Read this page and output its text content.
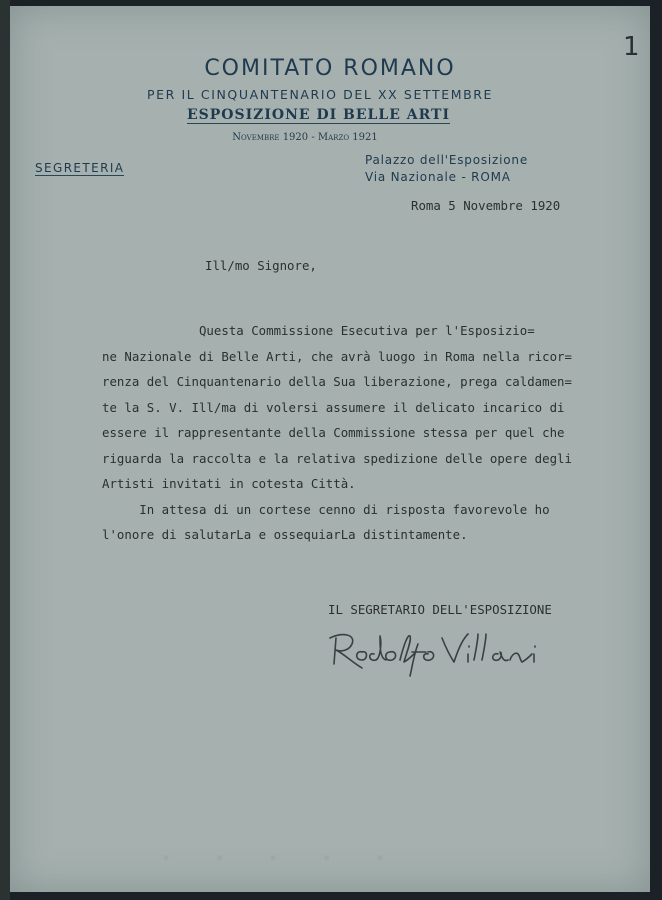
1
COMITATO ROMANO
PER IL CINQUANTENARIO DEL XX SETTEMBRE
ESPOSIZIONE DI BELLE ARTI
Novembre 1920 - Marzo 1921
SEGRETERIA
Palazzo dell'Esposizione
Via Nazionale - ROMA
Roma 5 Novembre 1920
Ill/mo Signore,
Questa Commissione Esecutiva per l'Esposizio=
ne Nazionale di Belle Arti, che avrà luogo in Roma nella ricor=
renza del Cinquantenario della Sua liberazione, prega caldamen=
te la S. V. Ill/ma di volersi assumere il delicato incarico di
essere il rappresentante della Commissione stessa per quel che
riguarda la raccolta e la relativa spedizione delle opere degli
Artisti invitati in cotesta Città.
In attesa di un cortese cenno di risposta favorevole ho
l'onore di salutarLa e ossequiarLa distintamente.
IL SEGRETARIO DELL'ESPOSIZIONE
· · · · ·
